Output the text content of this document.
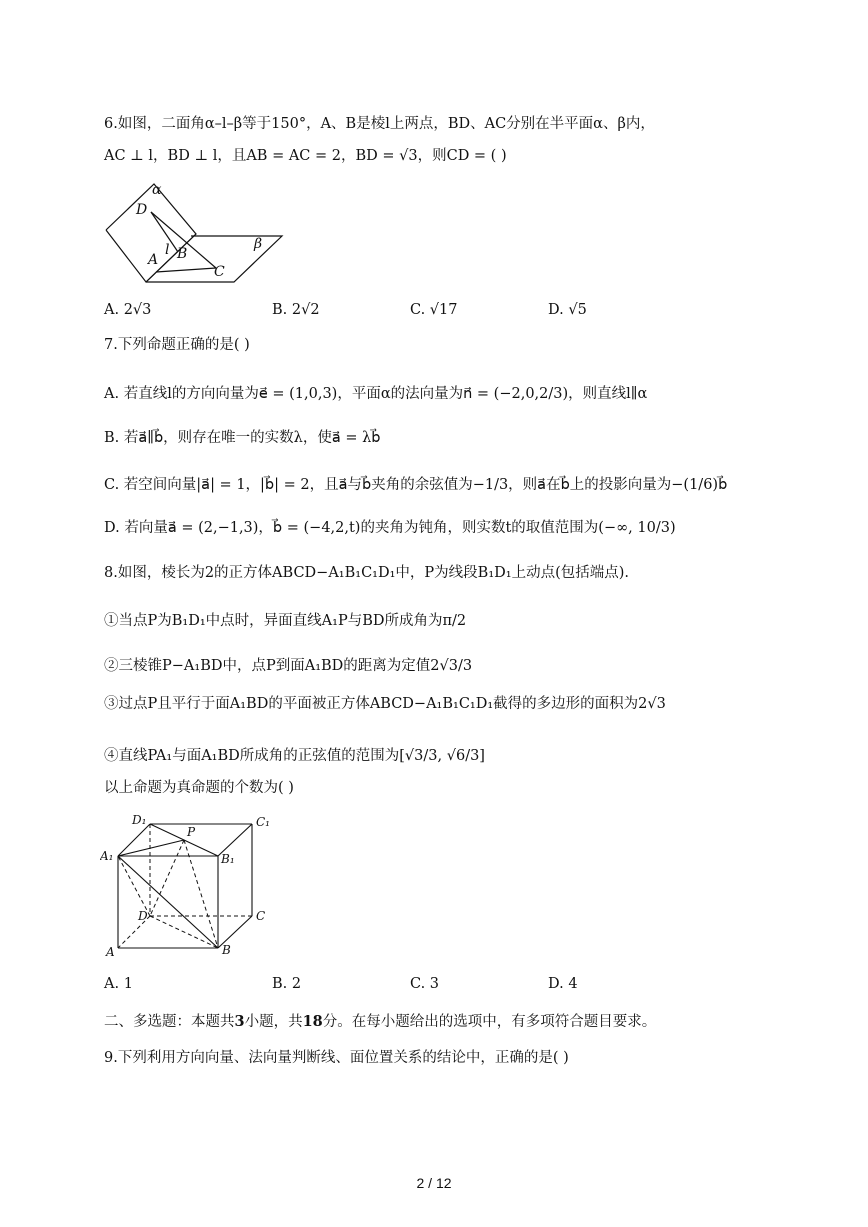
6.如图，二面角α–l–β等于150°，A、B是棱l上两点，BD、AC分别在半平面α、β内，
AC ⊥ l，BD ⊥ l，且AB = AC = 2，BD = √3，则CD = ( )
α
D
l B
A
C
β
A. 2√3	B. 2√2	C. √17	D. √5
7.下列命题正确的是( )
A. 若直线l的方向向量为e⃗ = (1,0,3)，平面α的法向量为n⃗ = (−2,0,2/3)，则直线l∥α
B. 若a⃗∥b⃗，则存在唯一的实数λ，使a⃗ = λb⃗
C. 若空间向量|a⃗| = 1，|b⃗| = 2，且a⃗与b⃗夹角的余弦值为−1/3，则a⃗在b⃗上的投影向量为−(1/6)b⃗
D. 若向量a⃗ = (2,−1,3)，b⃗ = (−4,2,t)的夹角为钝角，则实数t的取值范围为(−∞, 10/3)
8.如图，棱长为2的正方体ABCD−A₁B₁C₁D₁中，P为线段B₁D₁上动点(包括端点).
①当点P为B₁D₁中点时，异面直线A₁P与BD所成角为π/2
②三棱锥P−A₁BD中，点P到面A₁BD的距离为定值2√3/3
③过点P且平行于面A₁BD的平面被正方体ABCD−A₁B₁C₁D₁截得的多边形的面积为2√3
④直线PA₁与面A₁BD所成角的正弦值的范围为[√3/3, √6/3]
以上命题为真命题的个数为( )
D₁
P
C₁
A₁	B₁
D	C
A	B
A. 1	B. 2	C. 3	D. 4
二、多选题：本题共3小题，共18分。在每小题给出的选项中，有多项符合题目要求。
9.下列利用方向向量、法向量判断线、面位置关系的结论中，正确的是( )
2 / 12
